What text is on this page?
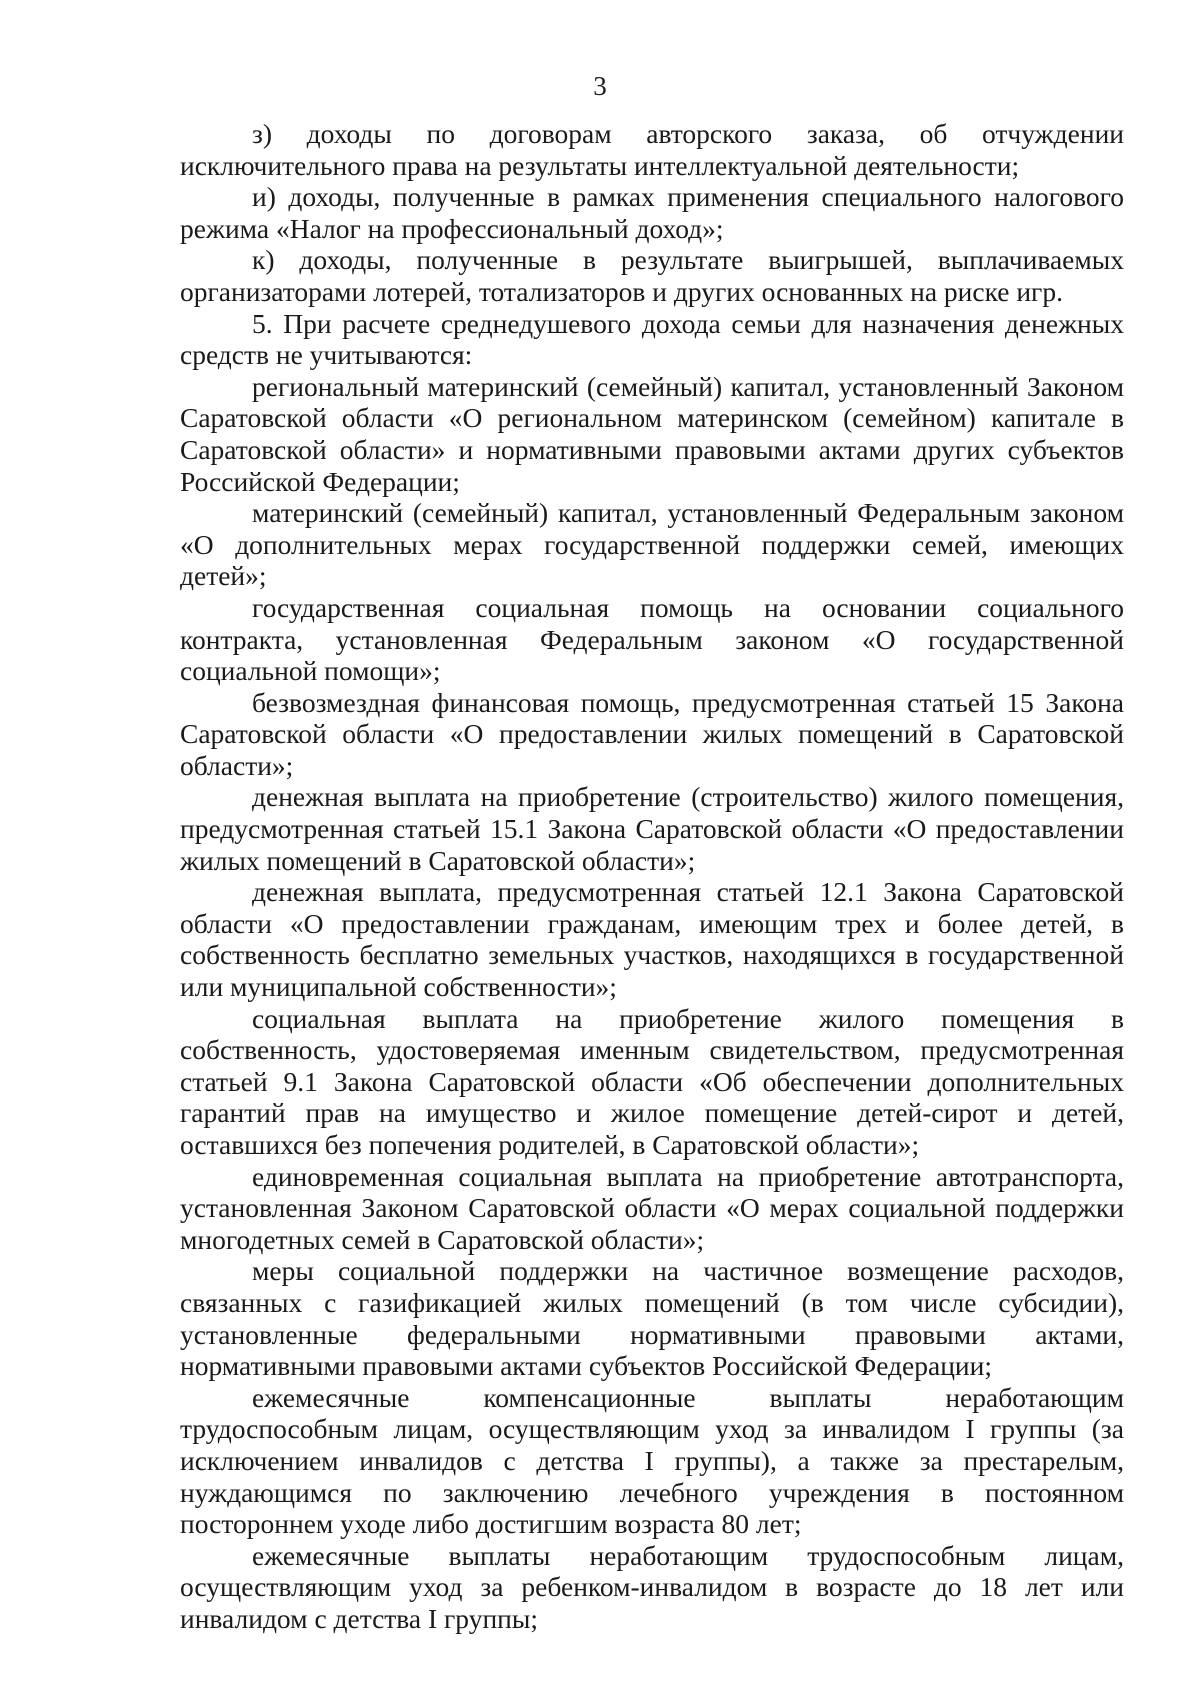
3

з) доходы по договорам авторского заказа, об отчуждении исключительного права на результаты интеллектуальной деятельности;

и) доходы, полученные в рамках применения специального налогового режима «Налог на профессиональный доход»;

к) доходы, полученные в результате выигрышей, выплачиваемых организаторами лотерей, тотализаторов и других основанных на риске игр.

5. При расчете среднедушевого дохода семьи для назначения денежных средств не учитываются:

региональный материнский (семейный) капитал, установленный Законом Саратовской области «О региональном материнском (семейном) капитале в Саратовской области» и нормативными правовыми актами других субъектов Российской Федерации;

материнский (семейный) капитал, установленный Федеральным законом «О дополнительных мерах государственной поддержки семей, имеющих детей»;

государственная социальная помощь на основании социального контракта, установленная Федеральным законом «О государственной социальной помощи»;

безвозмездная финансовая помощь, предусмотренная статьей 15 Закона Саратовской области «О предоставлении жилых помещений в Саратовской области»;

денежная выплата на приобретение (строительство) жилого помещения, предусмотренная статьей 15.1 Закона Саратовской области «О предоставлении жилых помещений в Саратовской области»;

денежная выплата, предусмотренная статьей 12.1 Закона Саратовской области «О предоставлении гражданам, имеющим трех и более детей, в собственность бесплатно земельных участков, находящихся в государственной или муниципальной собственности»;

социальная выплата на приобретение жилого помещения в собственность, удостоверяемая именным свидетельством, предусмотренная статьей 9.1 Закона Саратовской области «Об обеспечении дополнительных гарантий прав на имущество и жилое помещение детей-сирот и детей, оставшихся без попечения родителей, в Саратовской области»;

единовременная социальная выплата на приобретение автотранспорта, установленная Законом Саратовской области «О мерах социальной поддержки многодетных семей в Саратовской области»;

меры социальной поддержки на частичное возмещение расходов, связанных с газификацией жилых помещений (в том числе субсидии), установленные федеральными нормативными правовыми актами, нормативными правовыми актами субъектов Российской Федерации;

ежемесячные компенсационные выплаты неработающим трудоспособным лицам, осуществляющим уход за инвалидом I группы (за исключением инвалидов с детства I группы), а также за престарелым, нуждающимся по заключению лечебного учреждения в постоянном постороннем уходе либо достигшим возраста 80 лет;

ежемесячные выплаты неработающим трудоспособным лицам, осуществляющим уход за ребенком-инвалидом в возрасте до 18 лет или инвалидом с детства I группы;
